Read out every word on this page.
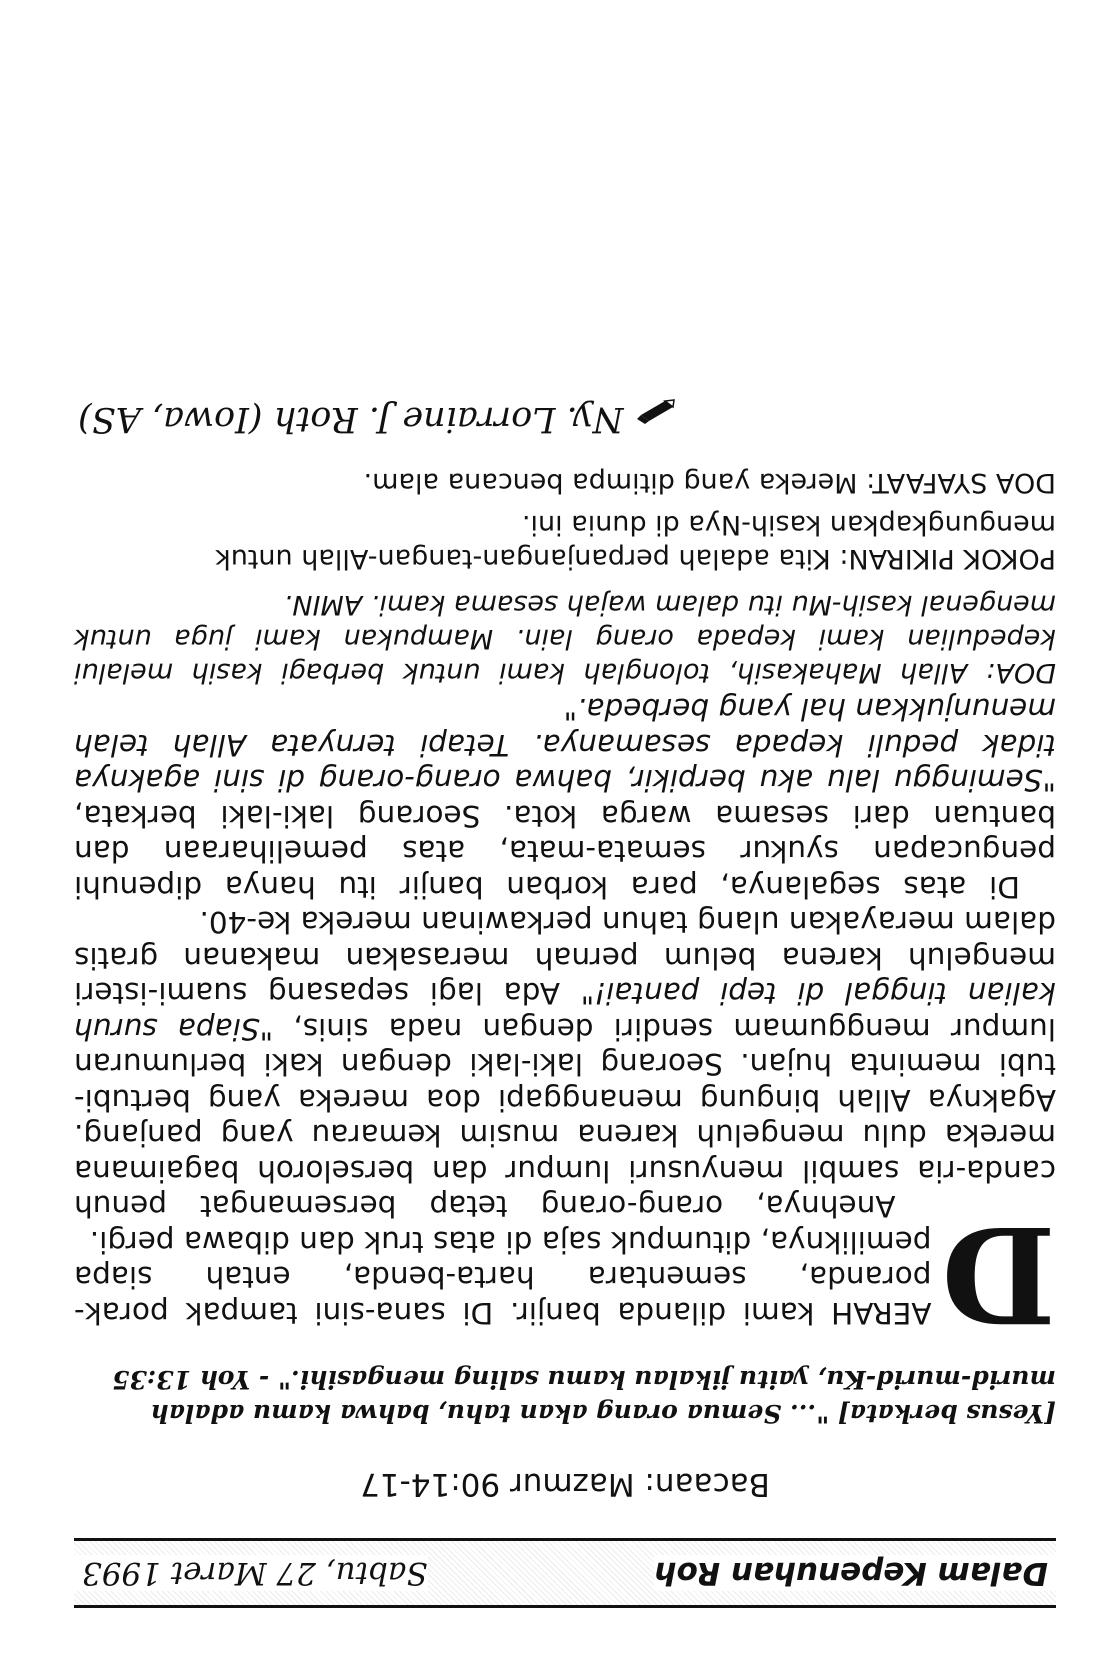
Dalam Kepenuhan Roh
Sabtu, 27 Maret 1993
Bacaan: Mazmur 90:14-17
[Yesus berkata] "... Semua orang akan tahu, bahwa kamu adalah murid-murid-Ku, yaitu jikalau kamu saling mengasihi." - Yoh 13:35

D
AERAH kami dilanda banjir. Di sana-sini tampak porak-poranda, sementara harta-benda, entah siapa pemiliknya, ditumpuk saja di atas truk dan dibawa pergi.

Anehnya, orang-orang tetap bersemangat penuh canda-ria sambil menyusuri lumpur dan berseloroh bagaimana mereka dulu mengeluh karena musim kemarau yang panjang. Agaknya Allah bingung menanggapi doa mereka yang bertubi-tubi meminta hujan. Seorang laki-laki dengan kaki berlumuran lumpur menggumam sendiri dengan nada sinis, "Siapa suruh kalian tinggal di tepi pantai!" Ada lagi sepasang suami-isteri mengeluh karena belum pernah merasakan makanan gratis dalam merayakan ulang tahun perkawinan mereka ke-40.

Di atas segalanya, para korban banjir itu hanya dipenuhi pengucapan syukur semata-mata, atas pemeliharaan dan bantuan dari sesama warga kota. Seorang laki-laki berkata, "Seminggu lalu aku berpikir, bahwa orang-orang di sini agaknya tidak peduli kepada sesamanya. Tetapi ternyata Allah telah menunjukkan hal yang berbeda."

DOA: Allah Mahakasih, tolonglah kami untuk berbagi kasih melalui kepedulian kami kepada orang lain. Mampukan kami juga untuk mengenal kasih-Mu itu dalam wajah sesama kami. AMIN.
POKOK PIKIRAN: Kita adalah perpanjangan-tangan-Allah untuk mengungkapkan kasih-Nya di dunia ini.
DOA SYAFAAT: Mereka yang ditimpa bencana alam.
Ny. Lorraine J. Roth (Iowa, AS)
